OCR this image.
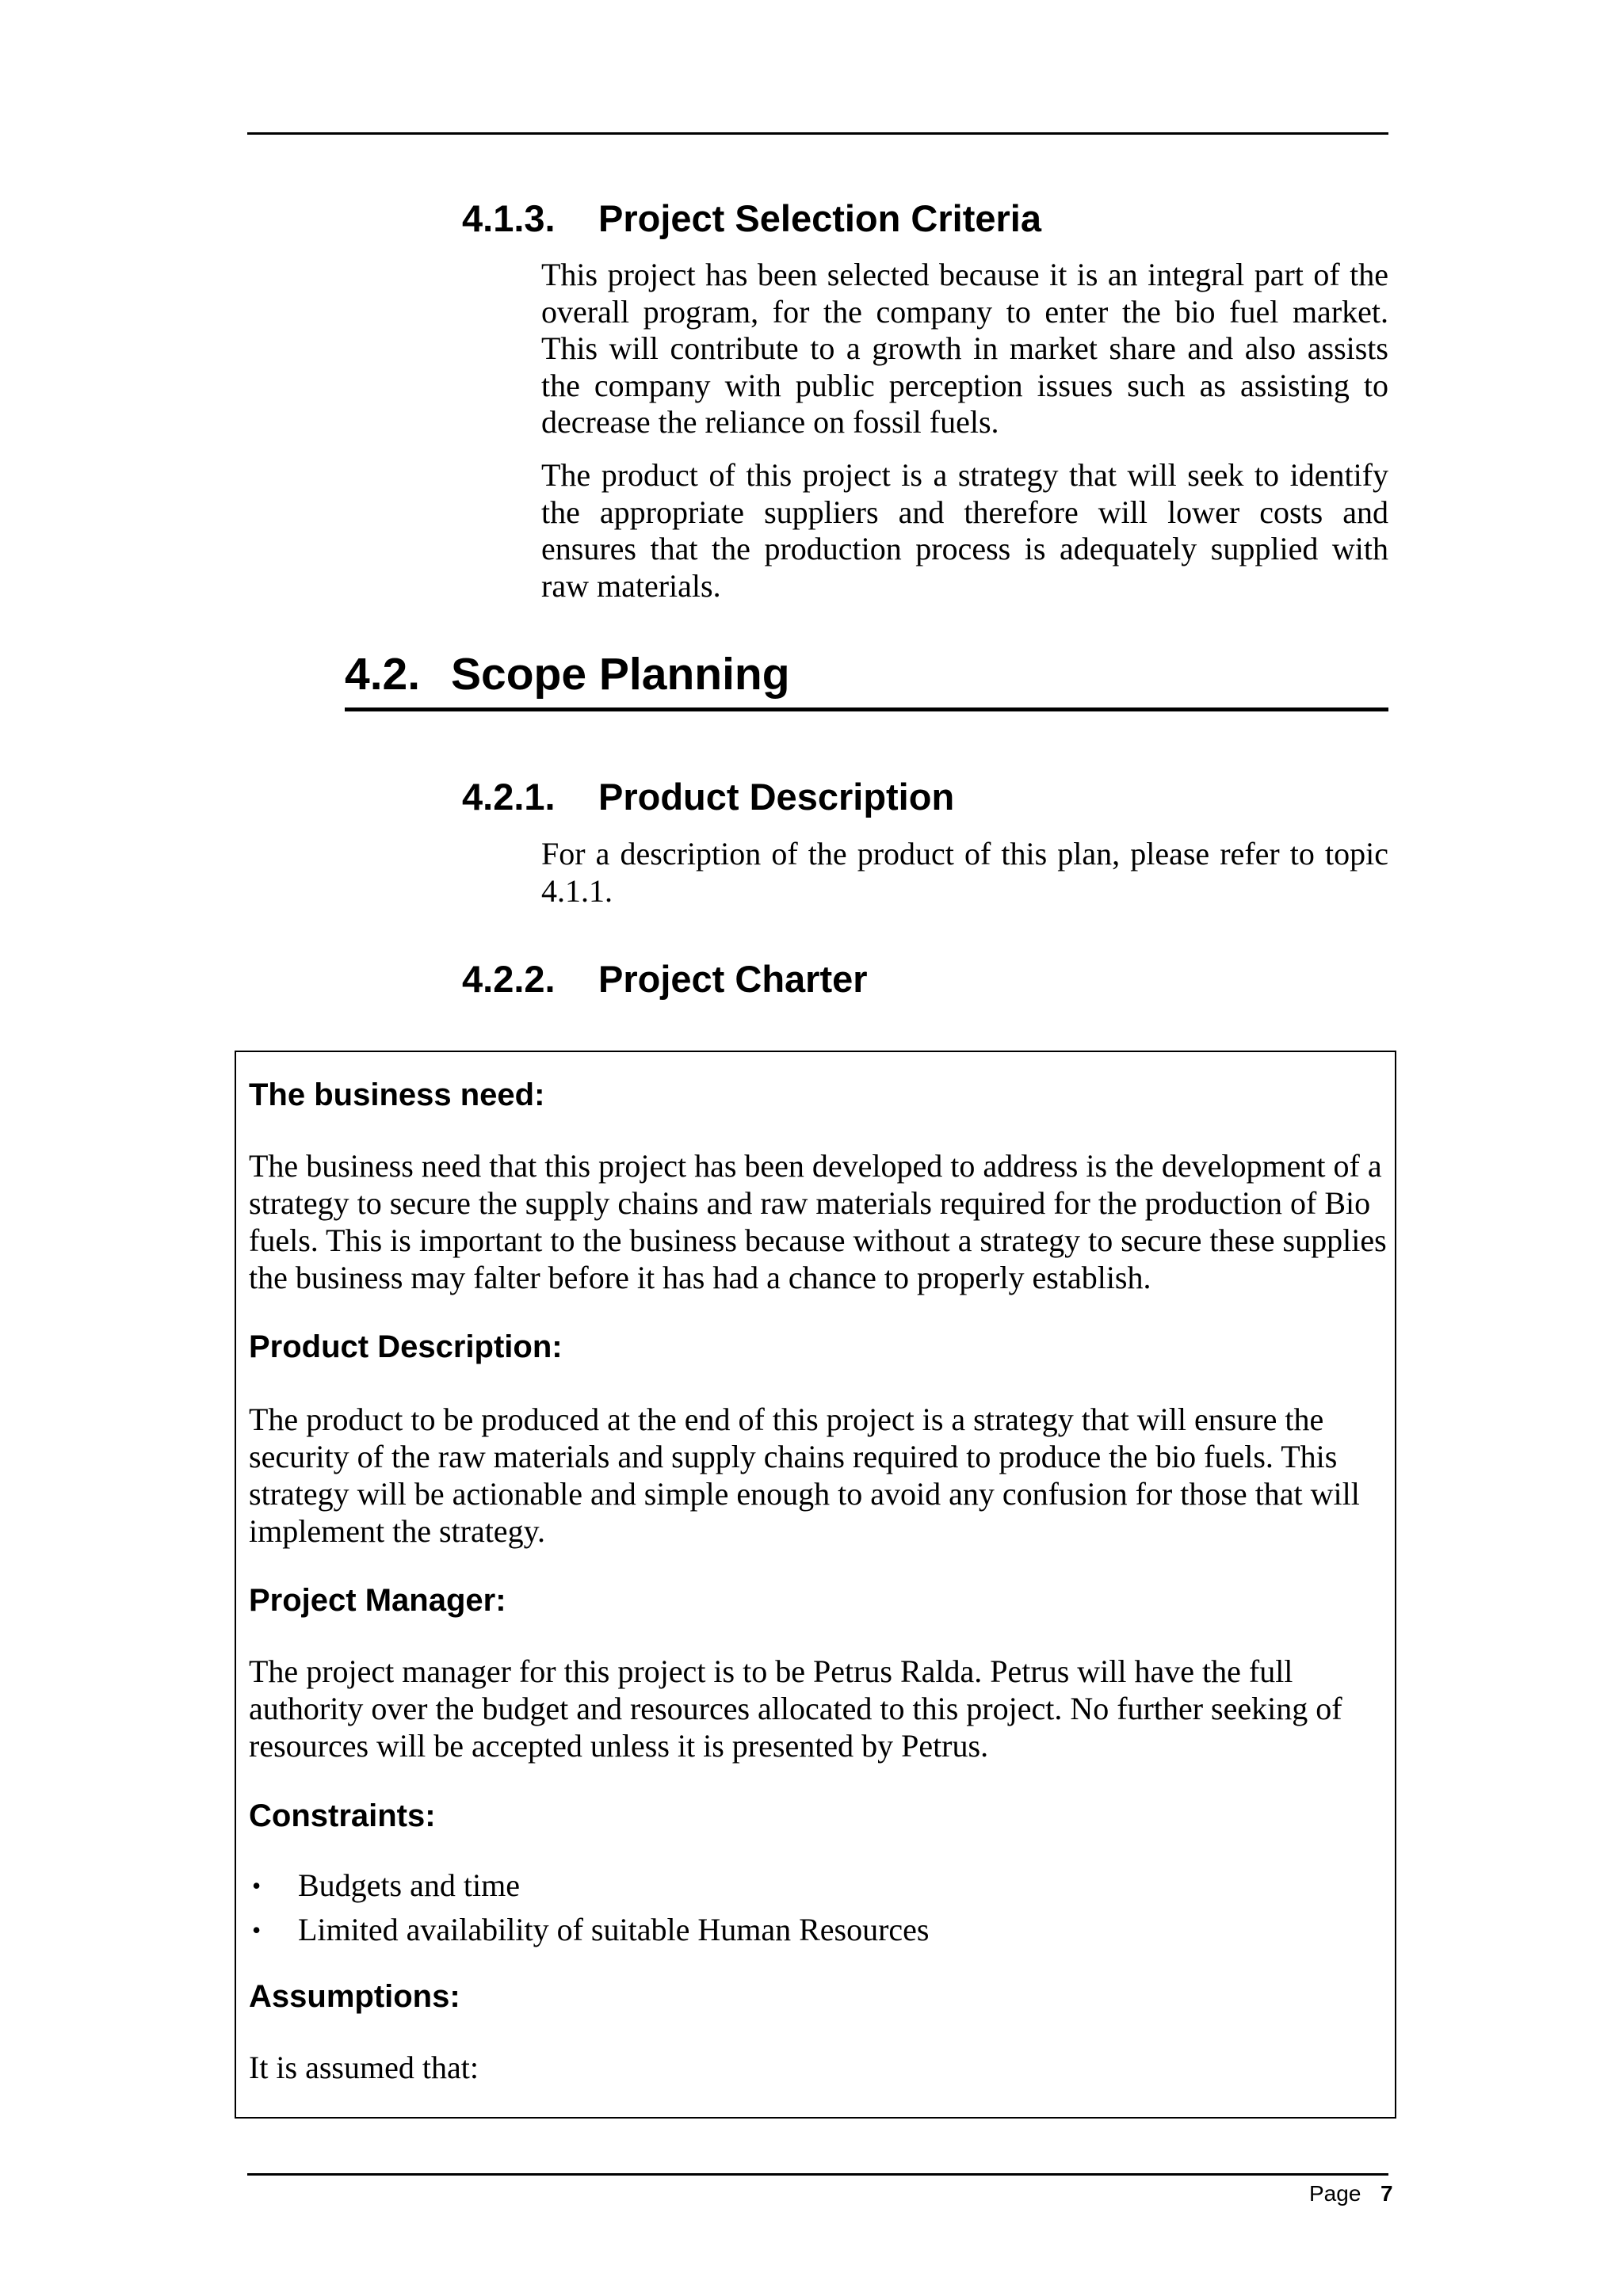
4.1.3. Project Selection Criteria

This project has been selected because it is an integral part of the overall program, for the company to enter the bio fuel market. This will contribute to a growth in market share and also assists the company with public perception issues such as assisting to decrease the reliance on fossil fuels.

The product of this project is a strategy that will seek to identify the appropriate suppliers and therefore will lower costs and ensures that the production process is adequately supplied with raw materials.

4.2. Scope Planning
4.2.1. Product Description

For a description of the product of this plan, please refer to topic 4.1.1.

4.2.2. Project Charter

The business need:

The business need that this project has been developed to address is the development of a strategy to secure the supply chains and raw materials required for the production of Bio fuels. This is important to the business because without a strategy to secure these supplies the business may falter before it has had a chance to properly establish.

Product Description:

The product to be produced at the end of this project is a strategy that will ensure the security of the raw materials and supply chains required to produce the bio fuels. This strategy will be actionable and simple enough to avoid any confusion for those that will implement the strategy.

Project Manager:

The project manager for this project is to be Petrus Ralda. Petrus will have the full authority over the budget and resources allocated to this project. No further seeking of resources will be accepted unless it is presented by Petrus.

Constraints:

• Budgets and time
• Limited availability of suitable Human Resources

Assumptions:

It is assumed that:

Page 7
